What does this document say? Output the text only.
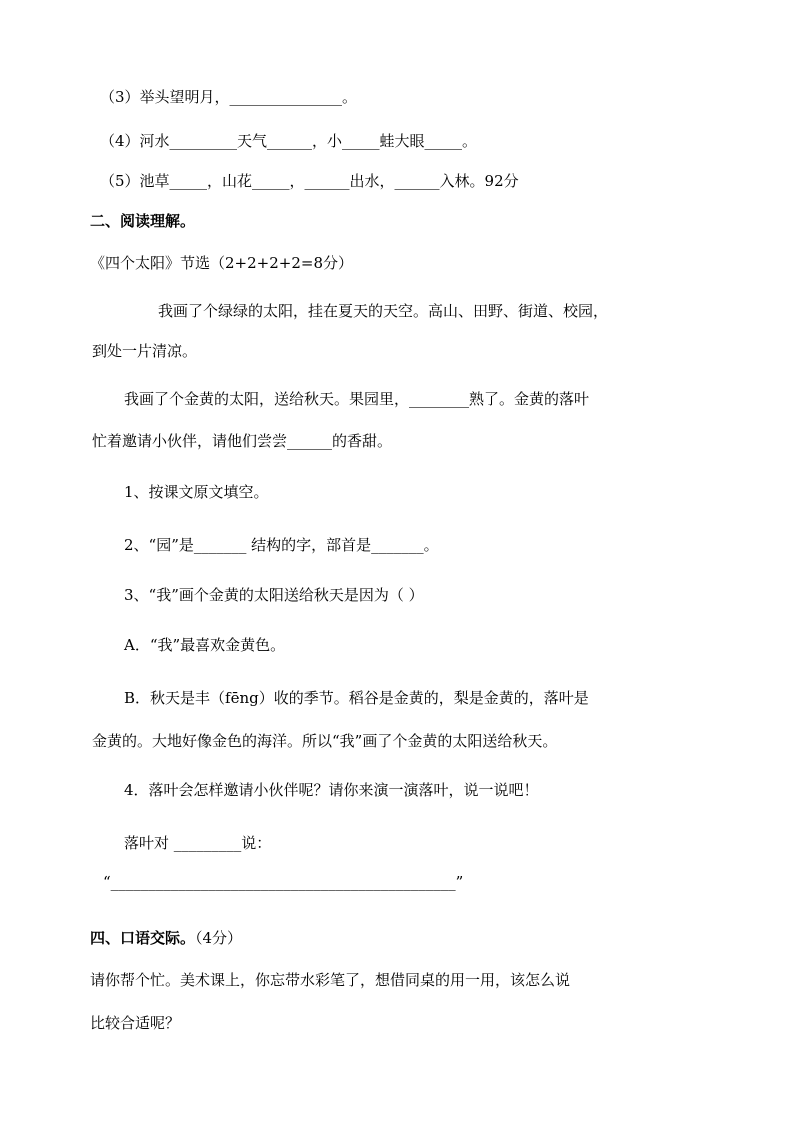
（3）举头望明月，_______________。
（4）河水_________天气______，小_____蛙大眼_____。
（5）池草_____，山花_____，______出水，______入林。92分
二、阅读理解。
《四个太阳》节选（2+2+2+2=8分）
我画了个绿绿的太阳，挂在夏天的天空。高山、田野、街道、校园，
到处一片清凉。
我画了个金黄的太阳，送给秋天。果园里，________熟了。金黄的落叶
忙着邀请小伙伴，请他们尝尝______的香甜。
1、按课文原文填空。
2、“园”是_______ 结构的字，部首是_______。
3、“我”画个金黄的太阳送给秋天是因为（ ）
A．“我”最喜欢金黄色。
B．秋天是丰（fēng）收的季节。稻谷是金黄的，梨是金黄的，落叶是
金黄的。大地好像金色的海洋。所以“我”画了个金黄的太阳送给秋天。
4．落叶会怎样邀请小伙伴呢？请你来演一演落叶，说一说吧！
落叶对 _________说：
“______________________________________________”
四、口语交际。（4分）
请你帮个忙。美术课上，你忘带水彩笔了，想借同桌的用一用，该怎么说
比较合适呢？
